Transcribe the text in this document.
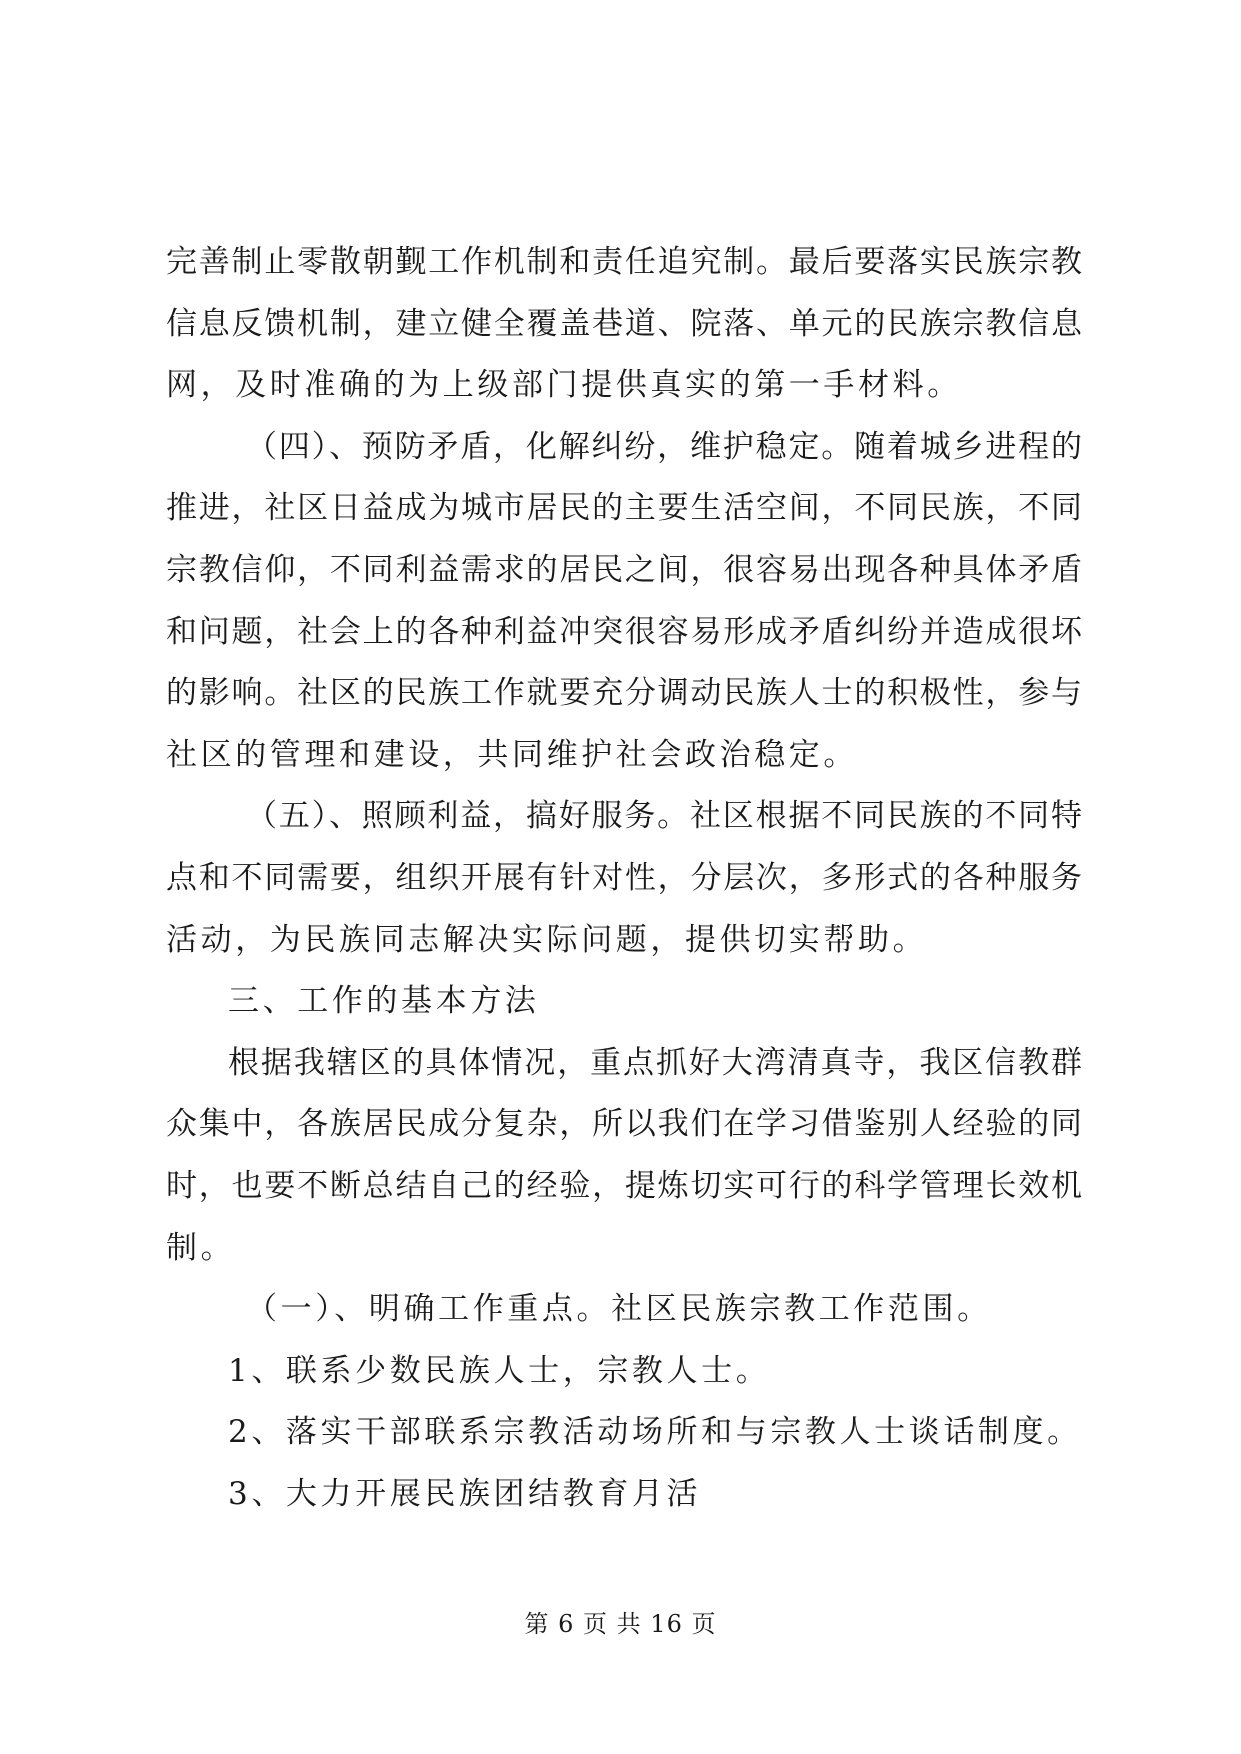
完善制止零散朝觐工作机制和责任追究制。最后要落实民族宗教
信息反馈机制，建立健全覆盖巷道、院落、单元的民族宗教信息
网，及时准确的为上级部门提供真实的第一手材料。
（四）、预防矛盾，化解纠纷，维护稳定。随着城乡进程的
推进，社区日益成为城市居民的主要生活空间，不同民族，不同
宗教信仰，不同利益需求的居民之间，很容易出现各种具体矛盾
和问题，社会上的各种利益冲突很容易形成矛盾纠纷并造成很坏
的影响。社区的民族工作就要充分调动民族人士的积极性，参与
社区的管理和建设，共同维护社会政治稳定。
（五）、照顾利益，搞好服务。社区根据不同民族的不同特
点和不同需要，组织开展有针对性，分层次，多形式的各种服务
活动，为民族同志解决实际问题，提供切实帮助。
三、工作的基本方法
根据我辖区的具体情况，重点抓好大湾清真寺，我区信教群
众集中，各族居民成分复杂，所以我们在学习借鉴别人经验的同
时，也要不断总结自己的经验，提炼切实可行的科学管理长效机
制。
（一）、明确工作重点。社区民族宗教工作范围。
1、联系少数民族人士，宗教人士。
2、落实干部联系宗教活动场所和与宗教人士谈话制度。
3、大力开展民族团结教育月活
第 6 页 共 16 页
